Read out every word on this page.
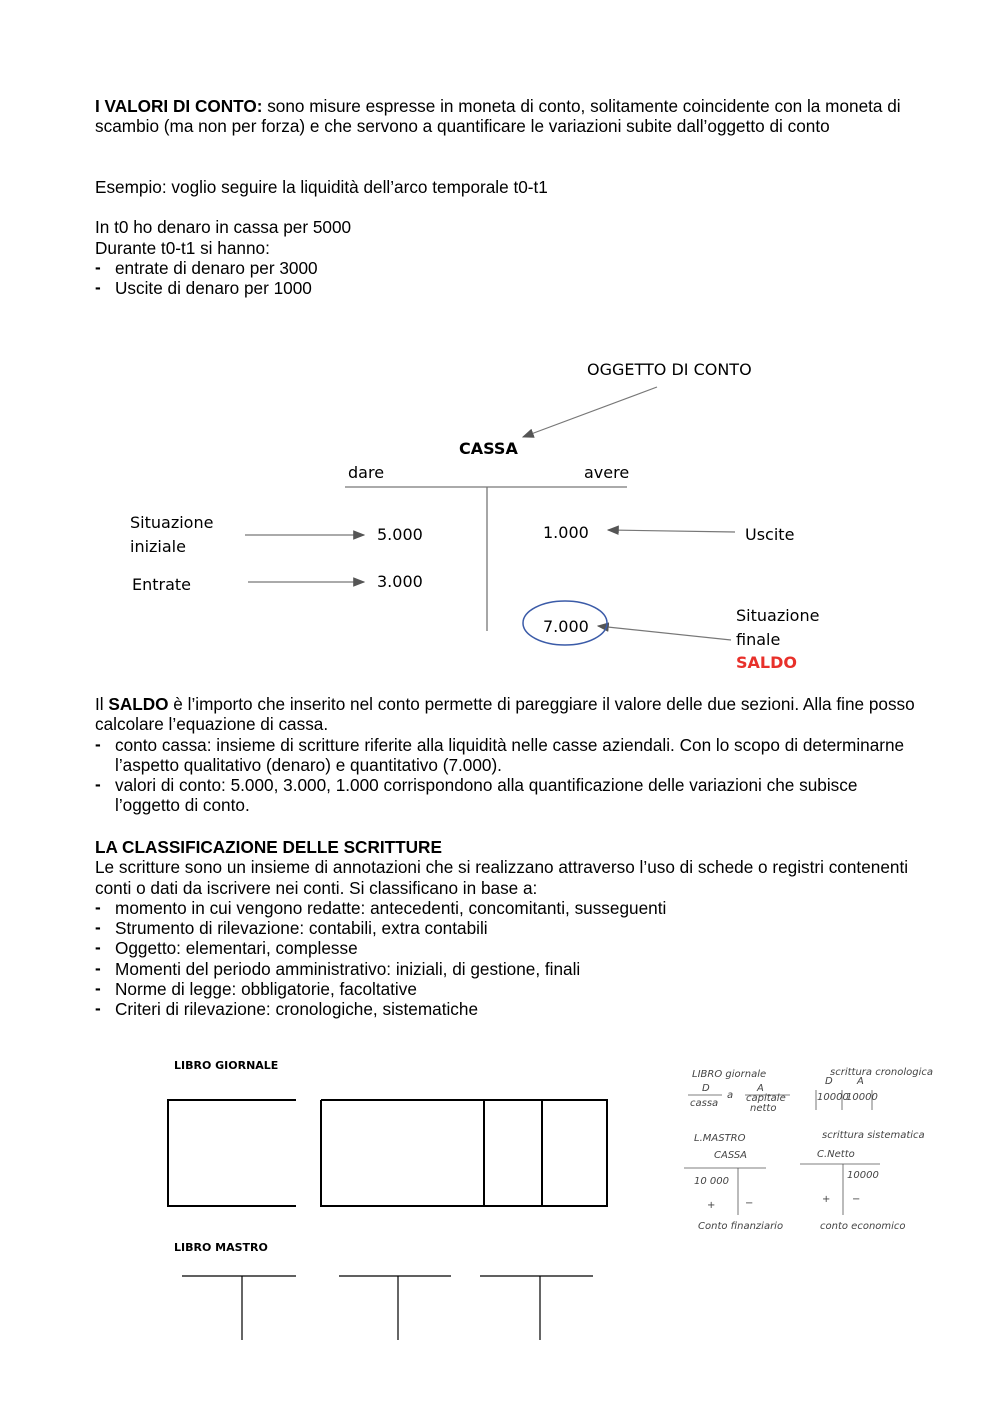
I VALORI DI CONTO: sono misure espresse in moneta di conto, solitamente coincidente con la moneta di scambio (ma non per forza) e che servono a quantificare le variazioni subite dall’oggetto di conto

Esempio: voglio seguire la liquidità dell’arco temporale t0-t1

In t0 ho denaro in cassa per 5000

Durante t0-t1 si hanno:

- entrate di denaro per 3000

- Uscite di denaro per 1000

LIBRO giornale	scrittura cronologica
D	A
D A
cassa
a capitale
netto
10000
10000
L.MASTRO	scrittura sistematica
CASSA	C.Netto
10 000
10000
+	−	+ −
Conto finanziario	conto economico
OGGETTO DI CONTO
CASSA
dare	avere
Situazione
iniziale
Entrate
5.000
3.000
1.000	Uscite
7.000
Situazione
finale
SALDO

Il SALDO è l’importo che inserito nel conto permette di pareggiare il valore delle due sezioni. Alla fine posso calcolare l’equazione di cassa.

- conto cassa: insieme di scritture riferite alla liquidità nelle casse aziendali. Con lo scopo di determinarne l’aspetto qualitativo (denaro) e quantitativo (7.000).

- valori di conto: 5.000, 3.000, 1.000 corrispondono alla quantificazione delle variazioni che subisce l’oggetto di conto.

LA CLASSIFICAZIONE DELLE SCRITTURE

Le scritture sono un insieme di annotazioni che si realizzano attraverso l’uso di schede o registri contenenti conti o dati da iscrivere nei conti. Si classificano in base a:

- momento in cui vengono redatte: antecedenti, concomitanti, susseguenti

- Strumento di rilevazione: contabili, extra contabili

- Oggetto: elementari, complesse

- Momenti del periodo amministrativo: iniziali, di gestione, finali

- Norme di legge: obbligatorie, facoltative

- Criteri di rilevazione: cronologiche, sistematiche

LIBRO GIORNALE
LIBRO MASTRO
